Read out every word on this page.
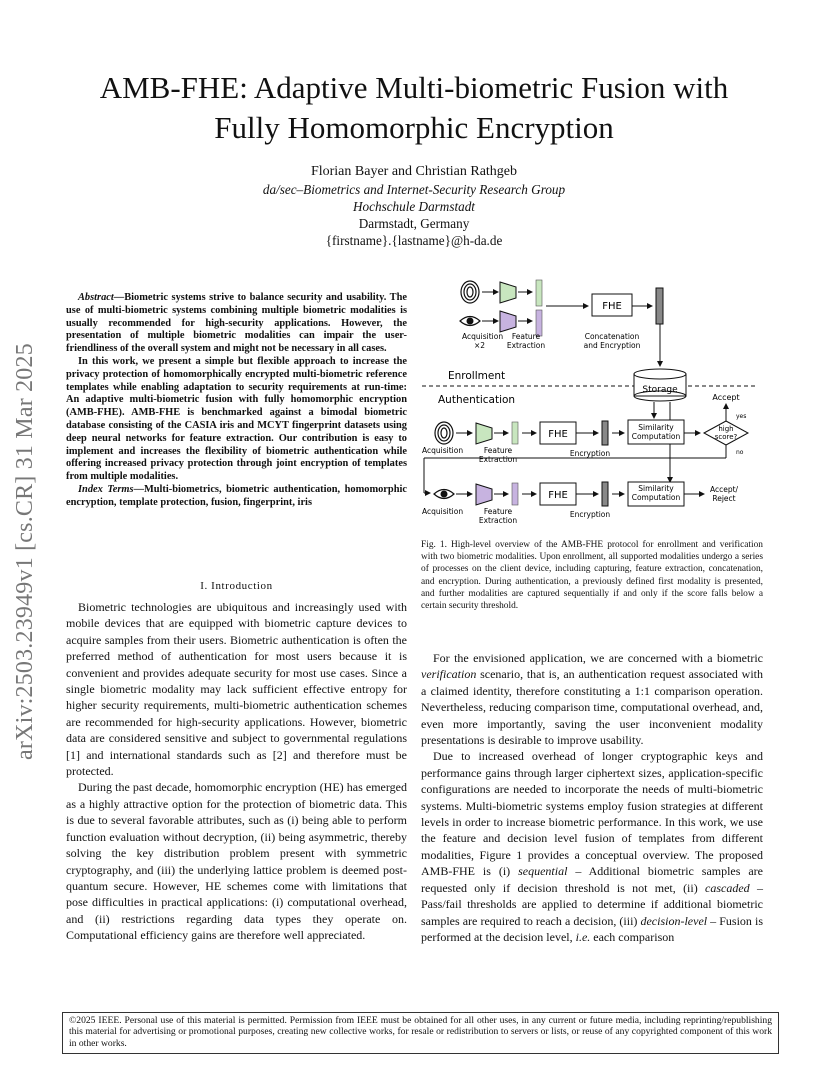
AMB-FHE: Adaptive Multi-biometric Fusion with
Fully Homomorphic Encryption
Florian Bayer and Christian Rathgeb
da/sec–Biometrics and Internet-Security Research Group
Hochschule Darmstadt
Darmstadt, Germany
{firstname}.{lastname}@h-da.de
arXiv:2503.23949v1 [cs.CR] 31 Mar 2025

Abstract—Biometric systems strive to balance security and usability. The use of multi-biometric systems combining multiple biometric modalities is usually recommended for high-security applications. However, the presentation of multiple biometric modalities can impair the user-friendliness of the overall system and might not be necessary in all cases.

In this work, we present a simple but flexible approach to increase the privacy protection of homomorphically encrypted multi-biometric reference templates while enabling adaptation to security requirements at run-time: An adaptive multi-biometric fusion with fully homomorphic encryption (AMB-FHE). AMB-FHE is benchmarked against a bimodal biometric database consisting of the CASIA iris and MCYT fingerprint datasets using deep neural networks for feature extraction. Our contribution is easy to implement and increases the flexibility of biometric authentication while offering increased privacy protection through joint encryption of templates from multiple modalities.

Index Terms—Multi-biometrics, biometric authentication, homomorphic encryption, template protection, fusion, fingerprint, iris

I. Introduction

Biometric technologies are ubiquitous and increasingly used with mobile devices that are equipped with biometric capture devices to acquire samples from their users. Biometric authentication is often the preferred method of authentication for most users because it is convenient and provides adequate security for most use cases. Since a single biometric modality may lack sufficient effective entropy for higher security requirements, multi-biometric authentication schemes are recommended for high-security applications. However, biometric data are considered sensitive and subject to governmental regulations [1] and international standards such as [2] and therefore must be protected.

During the past decade, homomorphic encryption (HE) has emerged as a highly attractive option for the protection of biometric data. This is due to several favorable attributes, such as (i) being able to perform function evaluation without decryption, (ii) being asymmetric, thereby solving the key distribution problem present with symmetric cryptography, and (iii) the underlying lattice problem is deemed post-quantum secure. However, HE schemes come with limitations that pose difficulties in practical applications: (i) computational overhead, and (ii) restrictions regarding data types they operate on. Computational efficiency gains are therefore well appreciated.

FHE
Acquisition
×2
Feature
Extraction
Concatenation
and Encryption
Enrollment
Authentication
Storage
FHE
Similarity
Computation
high
score?
yes
Accept
no
Acquisition	Feature
Extraction
Encryption
FHE
Similarity
Computation
Accept/
Reject
Acquisition	Feature
Extraction
Encryption
Fig. 1. High-level overview of the AMB-FHE protocol for enrollment and verification with two biometric modalities. Upon enrollment, all supported modalities undergo a series of processes on the client device, including capturing, feature extraction, concatenation, and encryption. During authentication, a previously defined first modality is presented, and further modalities are captured sequentially if and only if the score falls below a certain security threshold.

For the envisioned application, we are concerned with a biometric verification scenario, that is, an authentication request associated with a claimed identity, therefore constituting a 1:1 comparison operation. Nevertheless, reducing comparison time, computational overhead, and, even more importantly, saving the user inconvenient modality presentations is desirable to improve usability.

Due to increased overhead of longer cryptographic keys and performance gains through larger ciphertext sizes, application-specific configurations are needed to incorporate the needs of multi-biometric systems. Multi-biometric systems employ fusion strategies at different levels in order to increase biometric performance. In this work, we use the feature and decision level fusion of templates from different modalities, Figure 1 provides a conceptual overview. The proposed AMB-FHE is (i) sequential – Additional biometric samples are requested only if decision threshold is not met, (ii) cascaded – Pass/fail thresholds are applied to determine if additional biometric samples are required to reach a decision, (iii) decision-level – Fusion is performed at the decision level, i.e. each comparison

©2025 IEEE. Personal use of this material is permitted. Permission from IEEE must be obtained for all other uses, in any current or future media, including reprinting/republishing this material for advertising or promotional purposes, creating new collective works, for resale or redistribution to servers or lists, or reuse of any copyrighted component of this work in other works.
